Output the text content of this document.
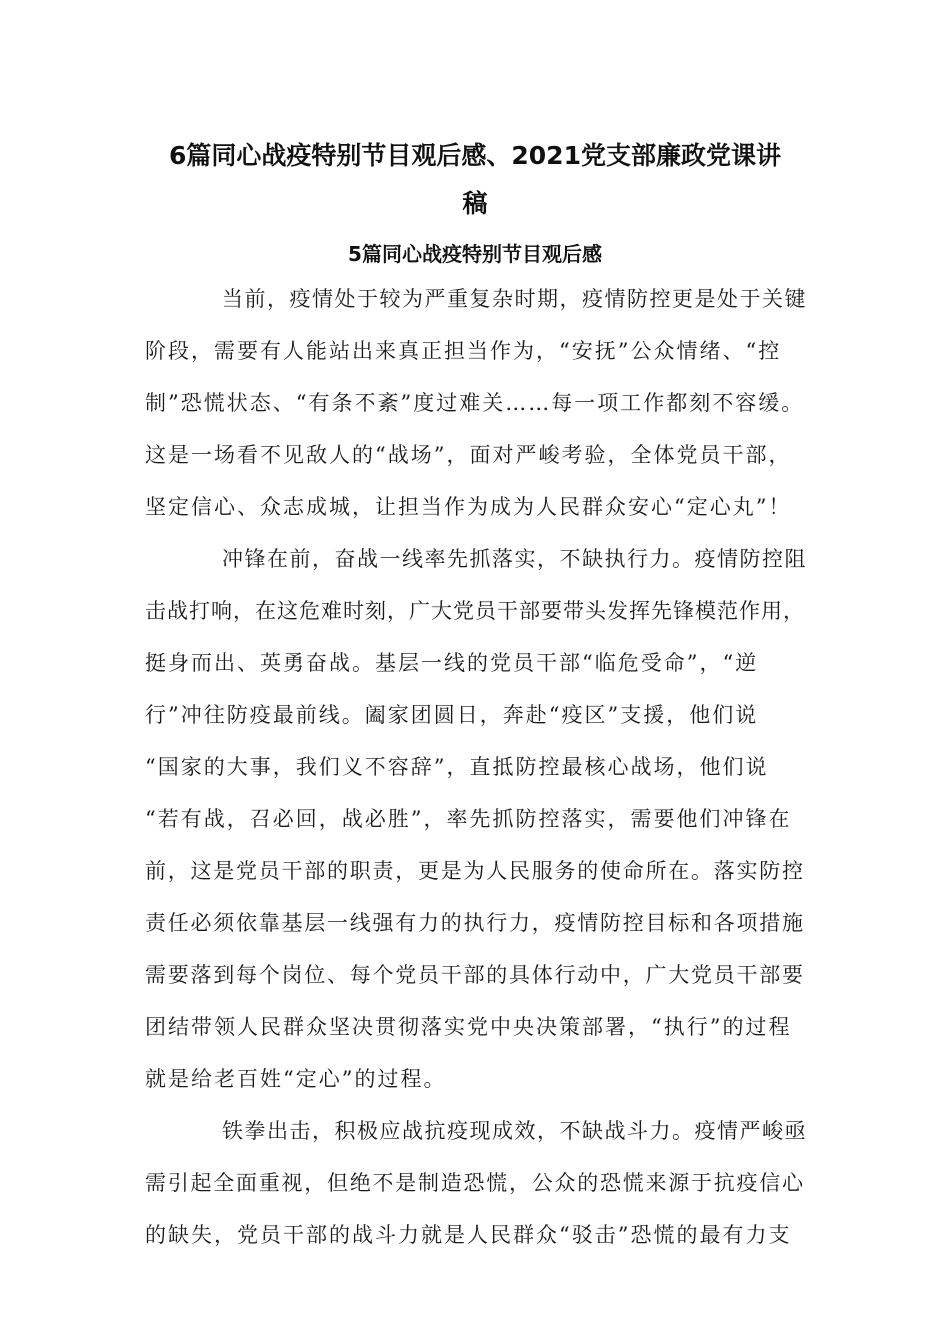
6篇同心战疫特别节目观后感、2021党支部廉政党课讲
稿
5篇同心战疫特别节目观后感
当前，疫情处于较为严重复杂时期，疫情防控更是处于关键
阶段，需要有人能站出来真正担当作为，“安抚”公众情绪、“控
制”恐慌状态、“有条不紊”度过难关……每一项工作都刻不容缓。
这是一场看不见敌人的“战场”，面对严峻考验，全体党员干部，
坚定信心、众志成城，让担当作为成为人民群众安心“定心丸”！
冲锋在前，奋战一线率先抓落实，不缺执行力。疫情防控阻
击战打响，在这危难时刻，广大党员干部要带头发挥先锋模范作用，
挺身而出、英勇奋战。基层一线的党员干部“临危受命”，“逆
行”冲往防疫最前线。阖家团圆日，奔赴“疫区”支援，他们说
“国家的大事，我们义不容辞”，直抵防控最核心战场，他们说
“若有战，召必回，战必胜”，率先抓防控落实，需要他们冲锋在
前，这是党员干部的职责，更是为人民服务的使命所在。落实防控
责任必须依靠基层一线强有力的执行力，疫情防控目标和各项措施
需要落到每个岗位、每个党员干部的具体行动中，广大党员干部要
团结带领人民群众坚决贯彻落实党中央决策部署，“执行”的过程
就是给老百姓“定心”的过程。
铁拳出击，积极应战抗疫现成效，不缺战斗力。疫情严峻亟
需引起全面重视，但绝不是制造恐慌，公众的恐慌来源于抗疫信心
的缺失，党员干部的战斗力就是人民群众“驳击”恐慌的最有力支
